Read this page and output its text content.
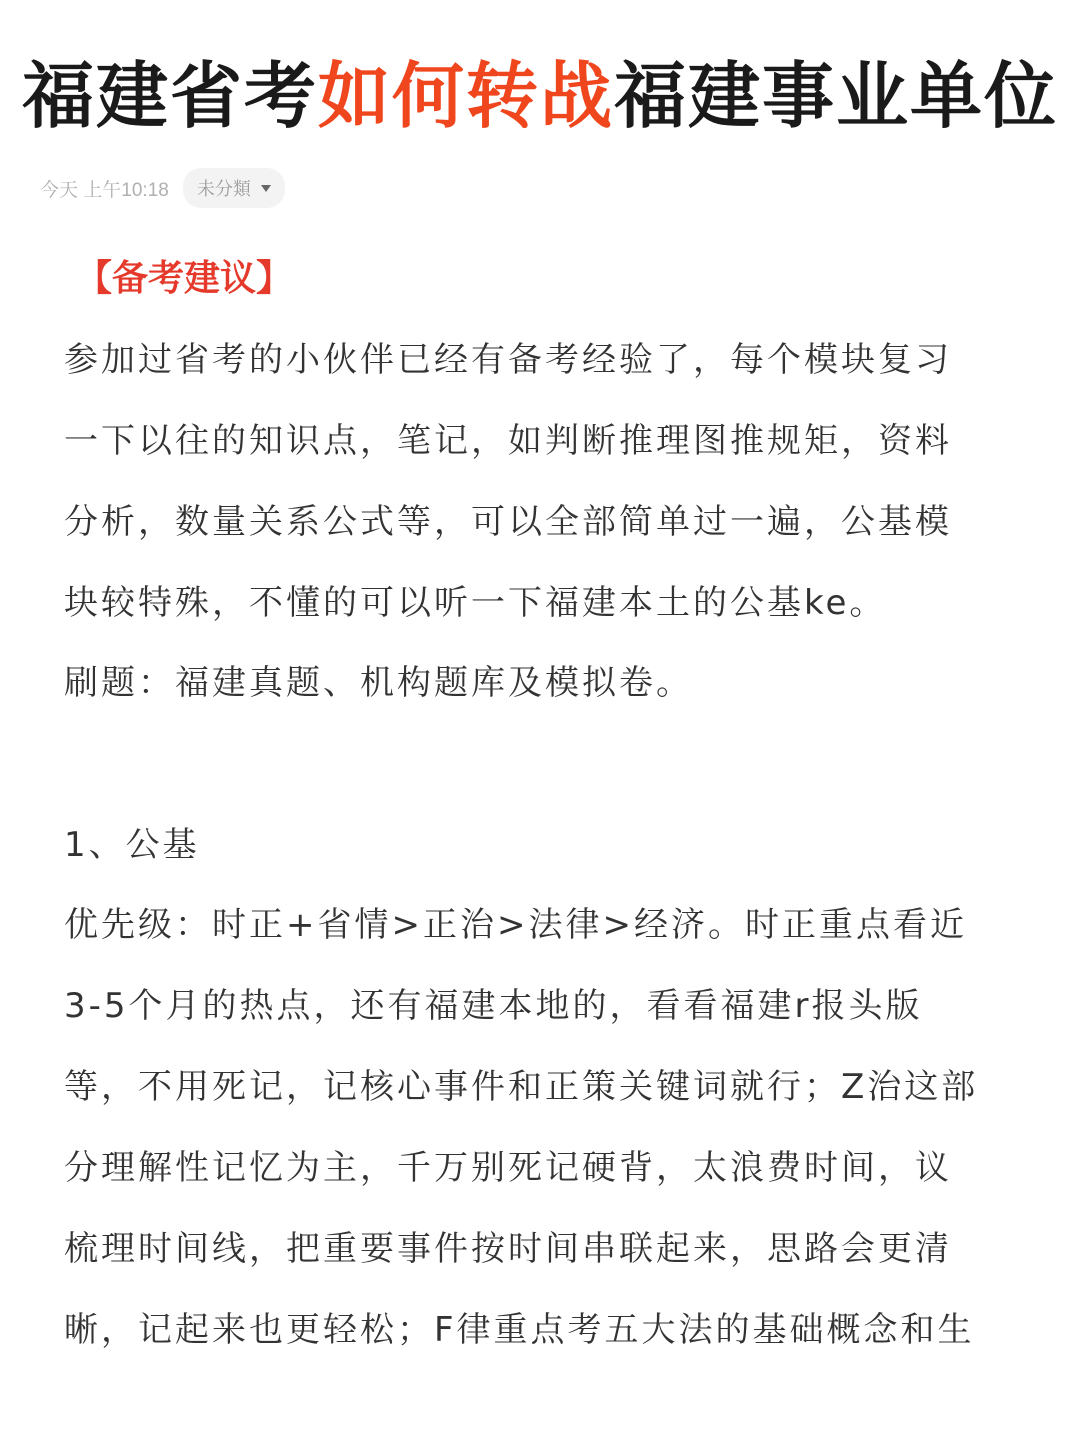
福建省考如何转战福建事业单位
今天 上午10:18 未分類
【备考建议】
参加过省考的小伙伴已经有备考经验了，每个模块复习
一下以往的知识点，笔记，如判断推理图推规矩，资料
分析，数量关系公式等，可以全部简单过一遍，公基模
块较特殊，不懂的可以听一下福建本土的公基ke。
刷题：福建真题、机构题库及模拟卷。
1、公基
优先级：时正+省情>正治>法律>经济。时正重点看近
3-5个月的热点，还有福建本地的，看看福建r报头版
等，不用死记，记核心事件和正策关键词就行；Z治这部
分理解性记忆为主，千万别死记硬背，太浪费时间，议
梳理时间线，把重要事件按时间串联起来，思路会更清
晰，记起来也更轻松；F律重点考五大法的基础概念和生
